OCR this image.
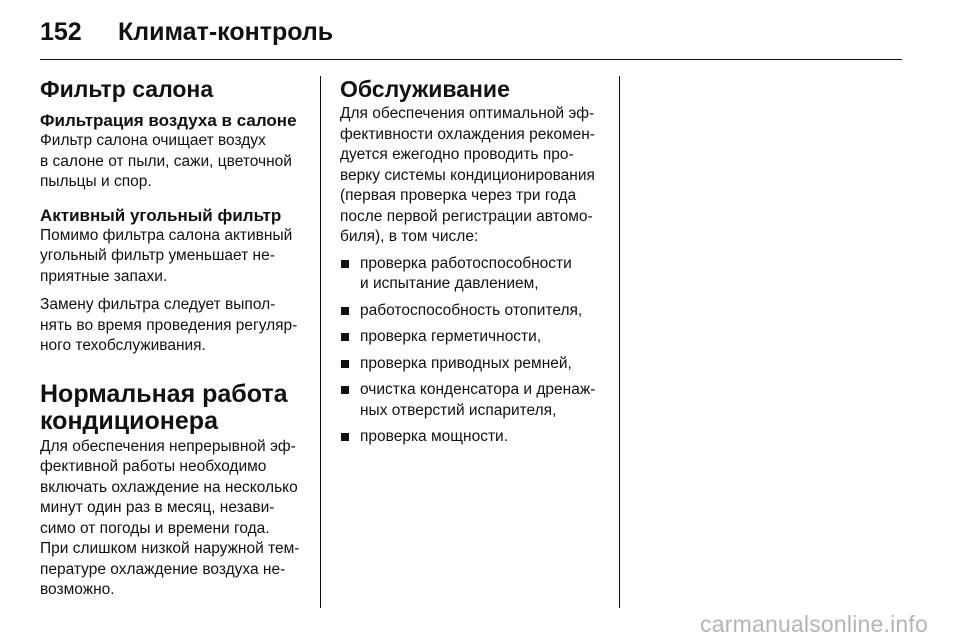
152 Климат-контроль

Фильтр салона
Фильтрация воздуха в салоне

Фильтр салона очищает воздух
в салоне от пыли, сажи, цветочной
пыльцы и спор.

Активный угольный фильтр

Помимо фильтра салона активный
угольный фильтр уменьшает не-
приятные запахи.

Замену фильтра следует выпол-
нять во время проведения регуляр-
ного техобслуживания.

Нормальная работа
кондиционера

Для обеспечения непрерывной эф-
фективной работы необходимо
включать охлаждение на несколько
минут один раз в месяц, незави-
симо от погоды и времени года.
При слишком низкой наружной тем-
пературе охлаждение воздуха не-
возможно.

Обслуживание

Для обеспечения оптимальной эф-
фективности охлаждения рекомен-
дуется ежегодно проводить про-
верку системы кондиционирования
(первая проверка через три года
после первой регистрации автомо-
биля), в том числе:

проверка работоспособности
и испытание давлением,
работоспособность отопителя,
проверка герметичности,
проверка приводных ремней,
очистка конденсатора и дренаж-
ных отверстий испарителя,
проверка мощности.
carmanualsonline.info
